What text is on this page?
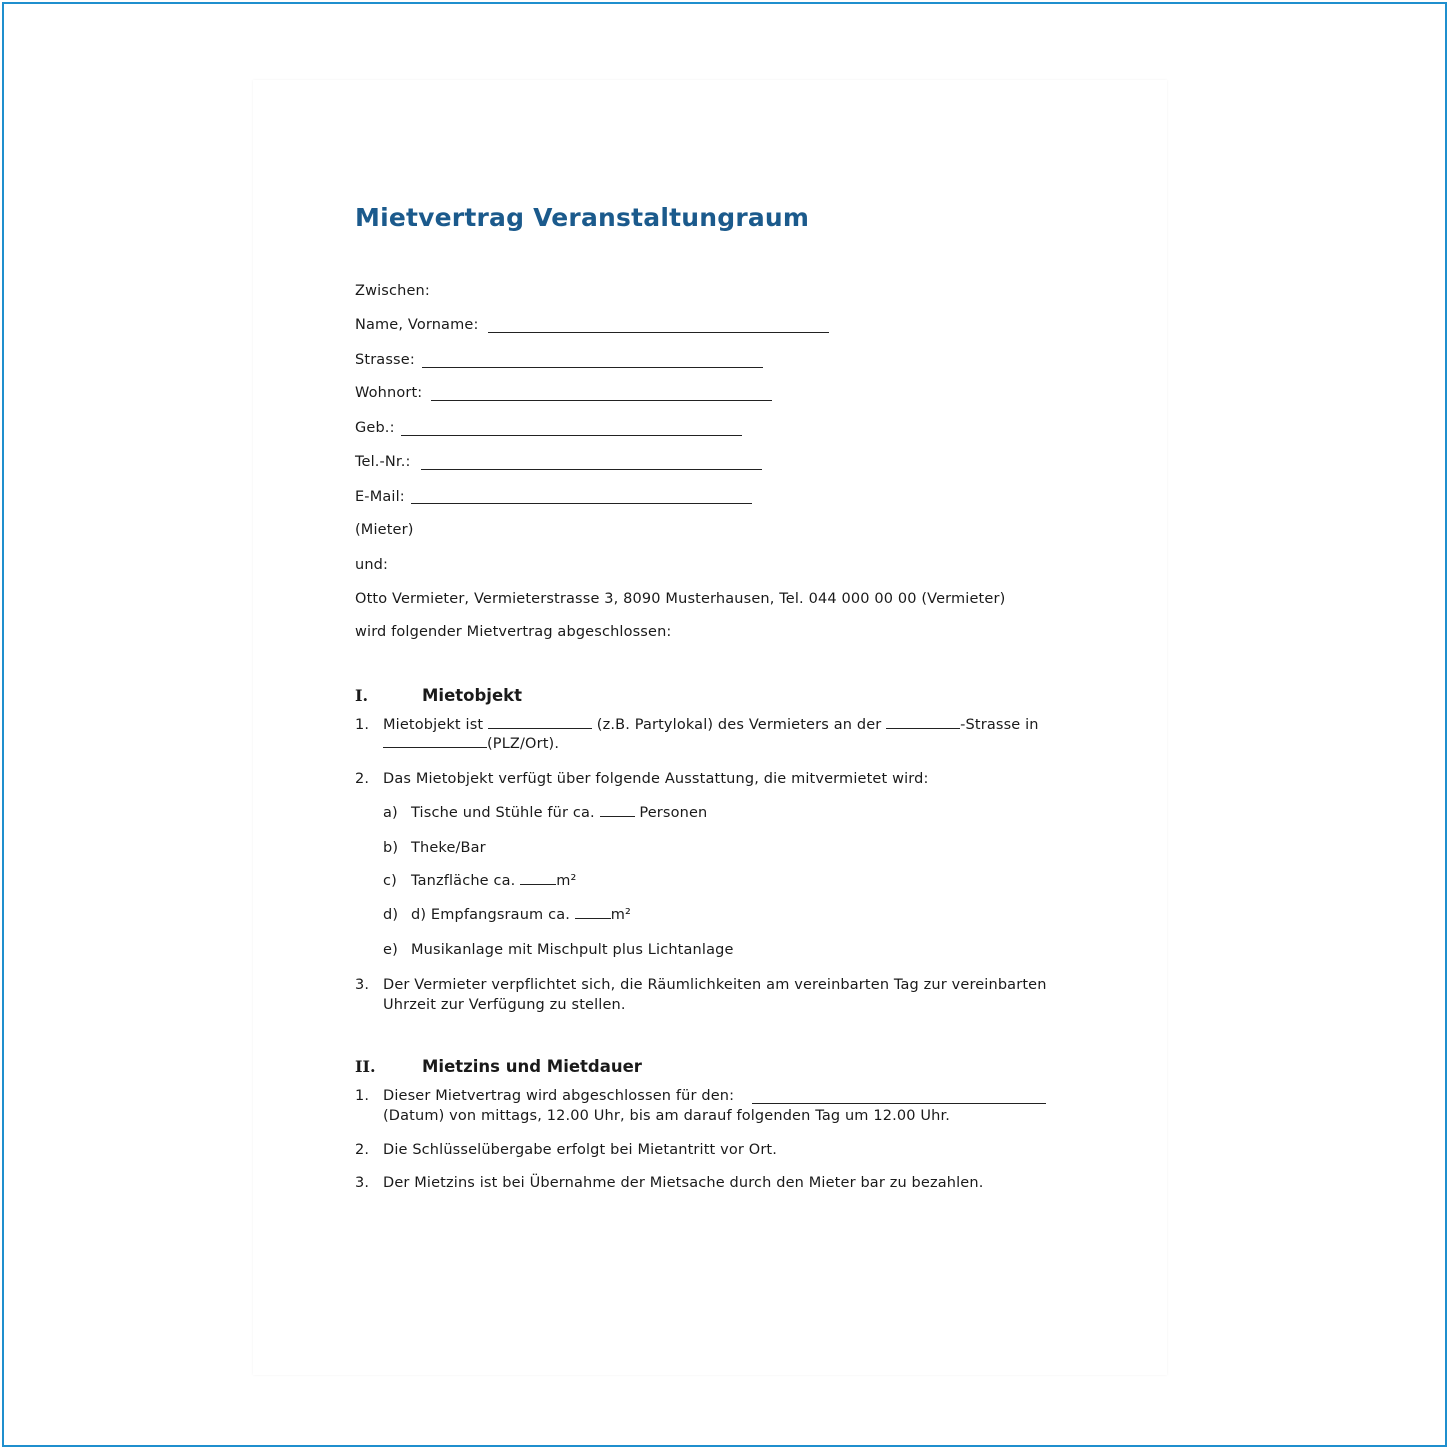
Mietvertrag Veranstaltungraum
Zwischen:
Name, Vorname:
Strasse:
Wohnort:
Geb.:
Tel.-Nr.:
E-Mail:
(Mieter)
und:
Otto Vermieter, Vermieterstrasse 3, 8090 Musterhausen, Tel. 044 000 00 00 (Vermieter)
wird folgender Mietvertrag abgeschlossen:
I.	Mietobjekt
1. Mietobjekt ist	(z.B. Partylokal) des Vermieters an der	-Strasse in
(PLZ/Ort).
2. Das Mietobjekt verfügt über folgende Ausstattung, die mitvermietet wird:
a) Tische und Stühle für ca.	Personen
b) Theke/Bar
c) Tanzfläche ca.	m²
d) d) Empfangsraum ca.	m²
e) Musikanlage mit Mischpult plus Lichtanlage
3. Der Vermieter verpflichtet sich, die Räumlichkeiten am vereinbarten Tag zur vereinbarten
Uhrzeit zur Verfügung zu stellen.
II.	Mietzins und Mietdauer
1. Dieser Mietvertrag wird abgeschlossen für den:
(Datum) von mittags, 12.00 Uhr, bis am darauf folgenden Tag um 12.00 Uhr.
2. Die Schlüsselübergabe erfolgt bei Mietantritt vor Ort.
3. Der Mietzins ist bei Übernahme der Mietsache durch den Mieter bar zu bezahlen.
